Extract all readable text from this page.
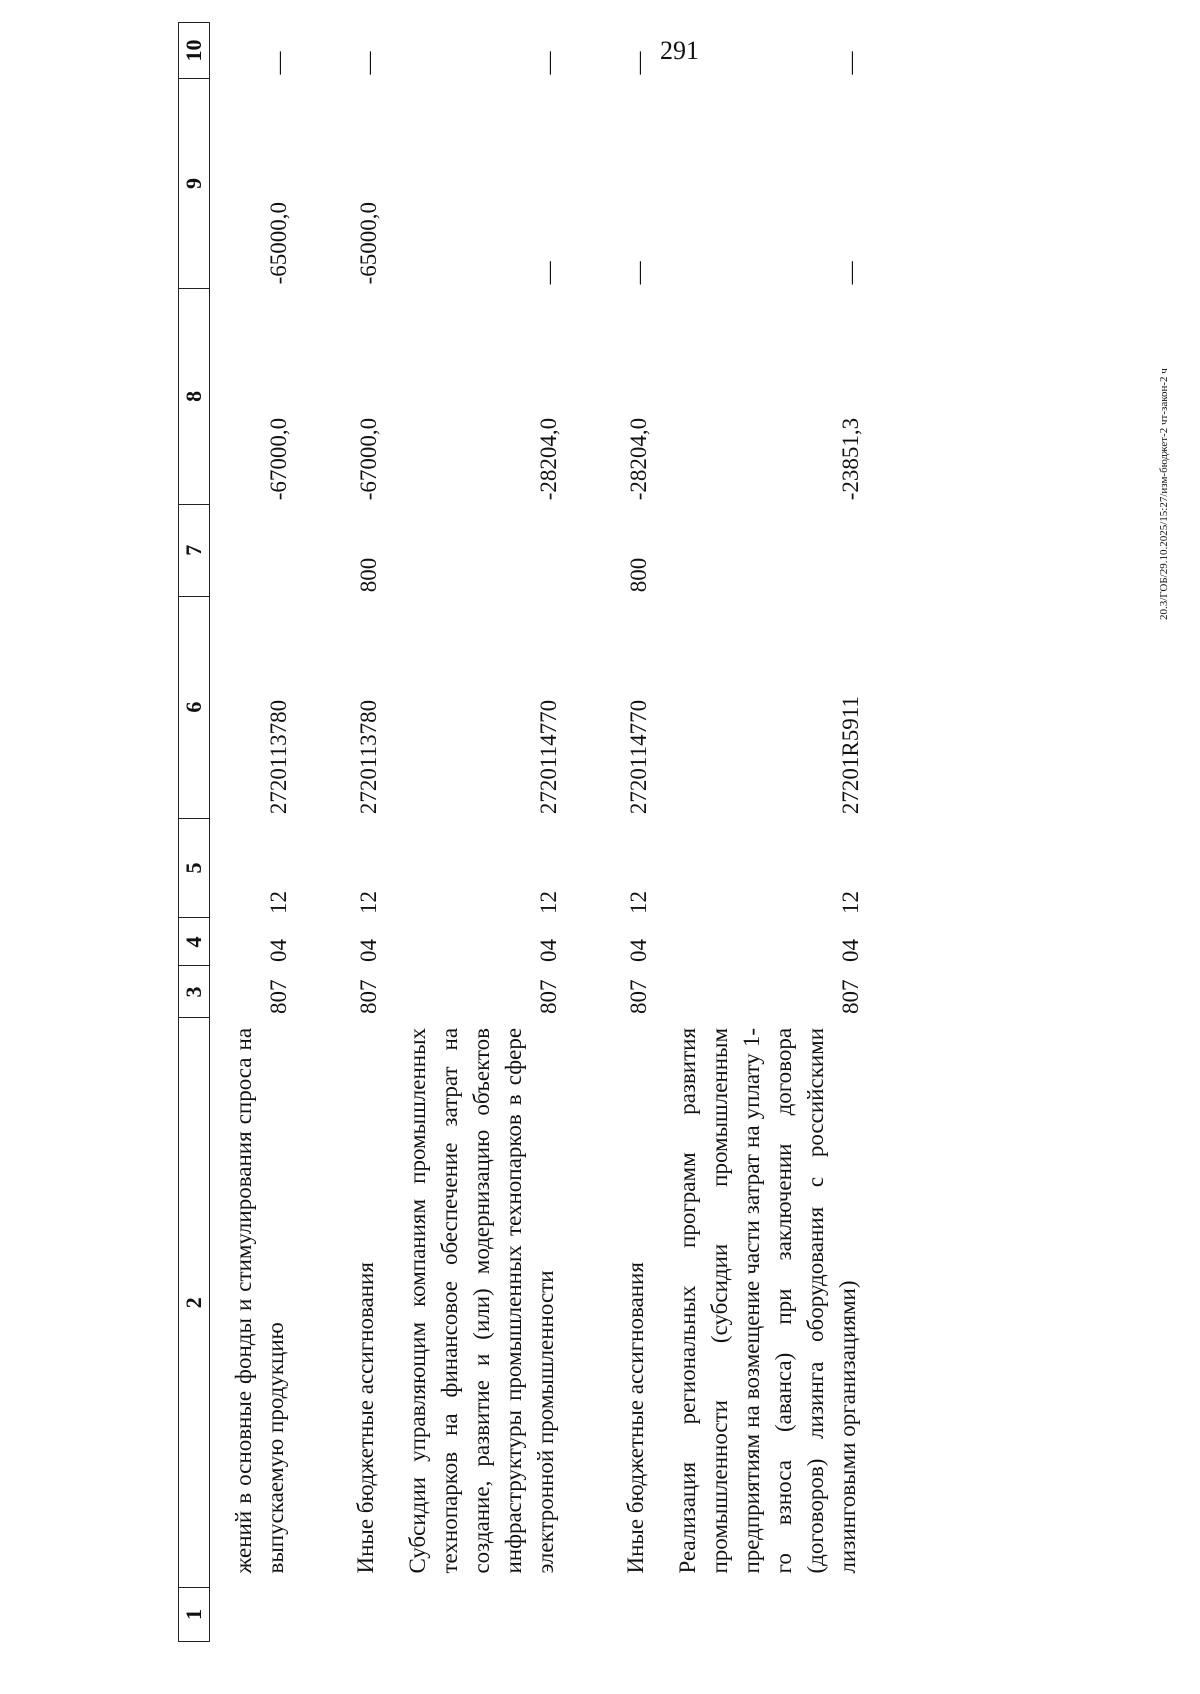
291
20.3/ГОБ/29.10.2025/15:27/изм-бюджет-2 чт-закон-2 ч
1	2	3	4	5	6	7	8	9	10
	жений в основные фонды и стимулирования спроса на выпускаемую продукцию	807	04	12	2720113780		-67000,0	-65000,0	—
	Иные бюджетные ассигнования	807	04	12	2720113780	800	-67000,0	-65000,0	—
	Субсидии управляющим компаниям промышленных технопарков на финансовое обеспечение затрат на создание, развитие и (или) модернизацию объектов инфраструктуры промышленных технопарков в сфере электронной промышленности	807	04	12	2720114770		-28204,0	—	—
	Иные бюджетные ассигнования	807	04	12	2720114770	800	-28204,0	—	—
	Реализация региональных программ развития промышленности (субсидии промышленным предприятиям на возмещение части затрат на уплату 1-го взноса (аванса) при заключении договора (договоров) лизинга оборудования с российскими лизинговыми организациями)	807	04	12	27201R5911		-23851,3	—	—
